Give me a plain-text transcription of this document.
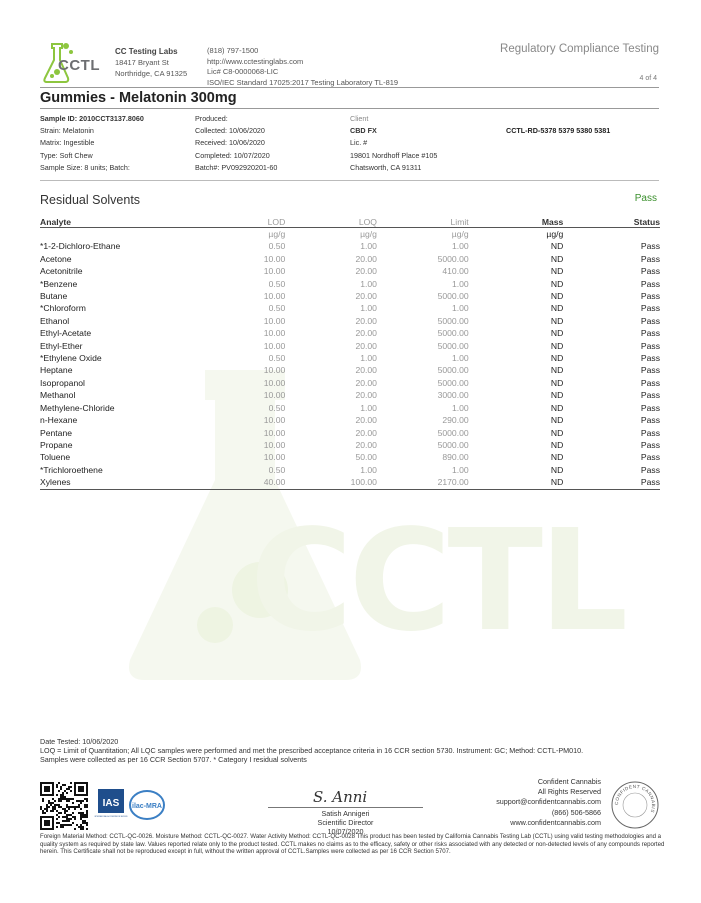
CCTL
CCTL
CC Testing Labs
18417 Bryant St
Northridge, CA 91325
(818) 797-1500
http://www.cctestinglabs.com
Lic# C8-0000068-LIC
ISO/IEC Standard 17025:2017 Testing Laboratory TL-819
Regulatory Compliance Testing
4 of 4
Gummies - Melatonin 300mg
Sample ID: 2010CCT3137.8060
Strain: Melatonin
Matrix: Ingestible
Type: Soft Chew
Sample Size: 8 units; Batch:
Produced:
Collected: 10/06/2020
Received: 10/06/2020
Completed: 10/07/2020
Batch#: PV092920201-60
Client
CBD FX
Lic. #
19801 Nordhoff Place #105
Chatsworth, CA 91311
CCTL-RD-5378 5379 5380 5381
Residual Solvents	Pass
Analyte	LOD	LOQ	Limit	Mass	Status
	µg/g	µg/g	µg/g	µg/g	
*1-2-Dichloro-Ethane	0.50	1.00	1.00	ND	Pass
Acetone	10.00	20.00	5000.00	ND	Pass
Acetonitrile	10.00	20.00	410.00	ND	Pass
*Benzene	0.50	1.00	1.00	ND	Pass
Butane	10.00	20.00	5000.00	ND	Pass
*Chloroform	0.50	1.00	1.00	ND	Pass
Ethanol	10.00	20.00	5000.00	ND	Pass
Ethyl-Acetate	10.00	20.00	5000.00	ND	Pass
Ethyl-Ether	10.00	20.00	5000.00	ND	Pass
*Ethylene Oxide	0.50	1.00	1.00	ND	Pass
Heptane	10.00	20.00	5000.00	ND	Pass
Isopropanol	10.00	20.00	5000.00	ND	Pass
Methanol	10.00	20.00	3000.00	ND	Pass
Methylene-Chloride	0.50	1.00	1.00	ND	Pass
n-Hexane	10.00	20.00	290.00	ND	Pass
Pentane	10.00	20.00	5000.00	ND	Pass
Propane	10.00	20.00	5000.00	ND	Pass
Toluene	10.00	50.00	890.00	ND	Pass
*Trichloroethene	0.50	1.00	1.00	ND	Pass
Xylenes	40.00	100.00	2170.00	ND	Pass
Date Tested: 10/06/2020
LOQ = Limit of Quantitation; All LQC samples were performed and met the prescribed acceptance criteria in 16 CCR section 5730. Instrument: GC; Method: CCTL-PM010.
Samples were collected as per 16 CCR Section 5707. * Category I residual solvents
IAS
INTERNATIONAL ACCREDITATION SERVICE
ilac-MRA
S. Anni
Satish Annigeri
Scientific Director
10/07/2020
Confident Cannabis
All Rights Reserved
support@confidentcannabis.com
(866) 506-5866
www.confidentcannabis.com
CONFIDENT CANNABIS
Foreign Material Method: CCTL-QC-0026. Moisture Method: CCTL-QC-0027. Water Activity Method: CCTL-QC-0028 This product has been tested by California Cannabis Testing Lab (CCTL) using valid testing methodologies and a quality system as required by state law. Values reported relate only to the product tested. CCTL makes no claims as to the efficacy, safety or other risks associated with any detected or non-detected levels of any compounds reported herein. This Certificate shall not be reproduced except in full, without the written approval of CCTL.Samples were collected as per 16 CCR Section 5707.
